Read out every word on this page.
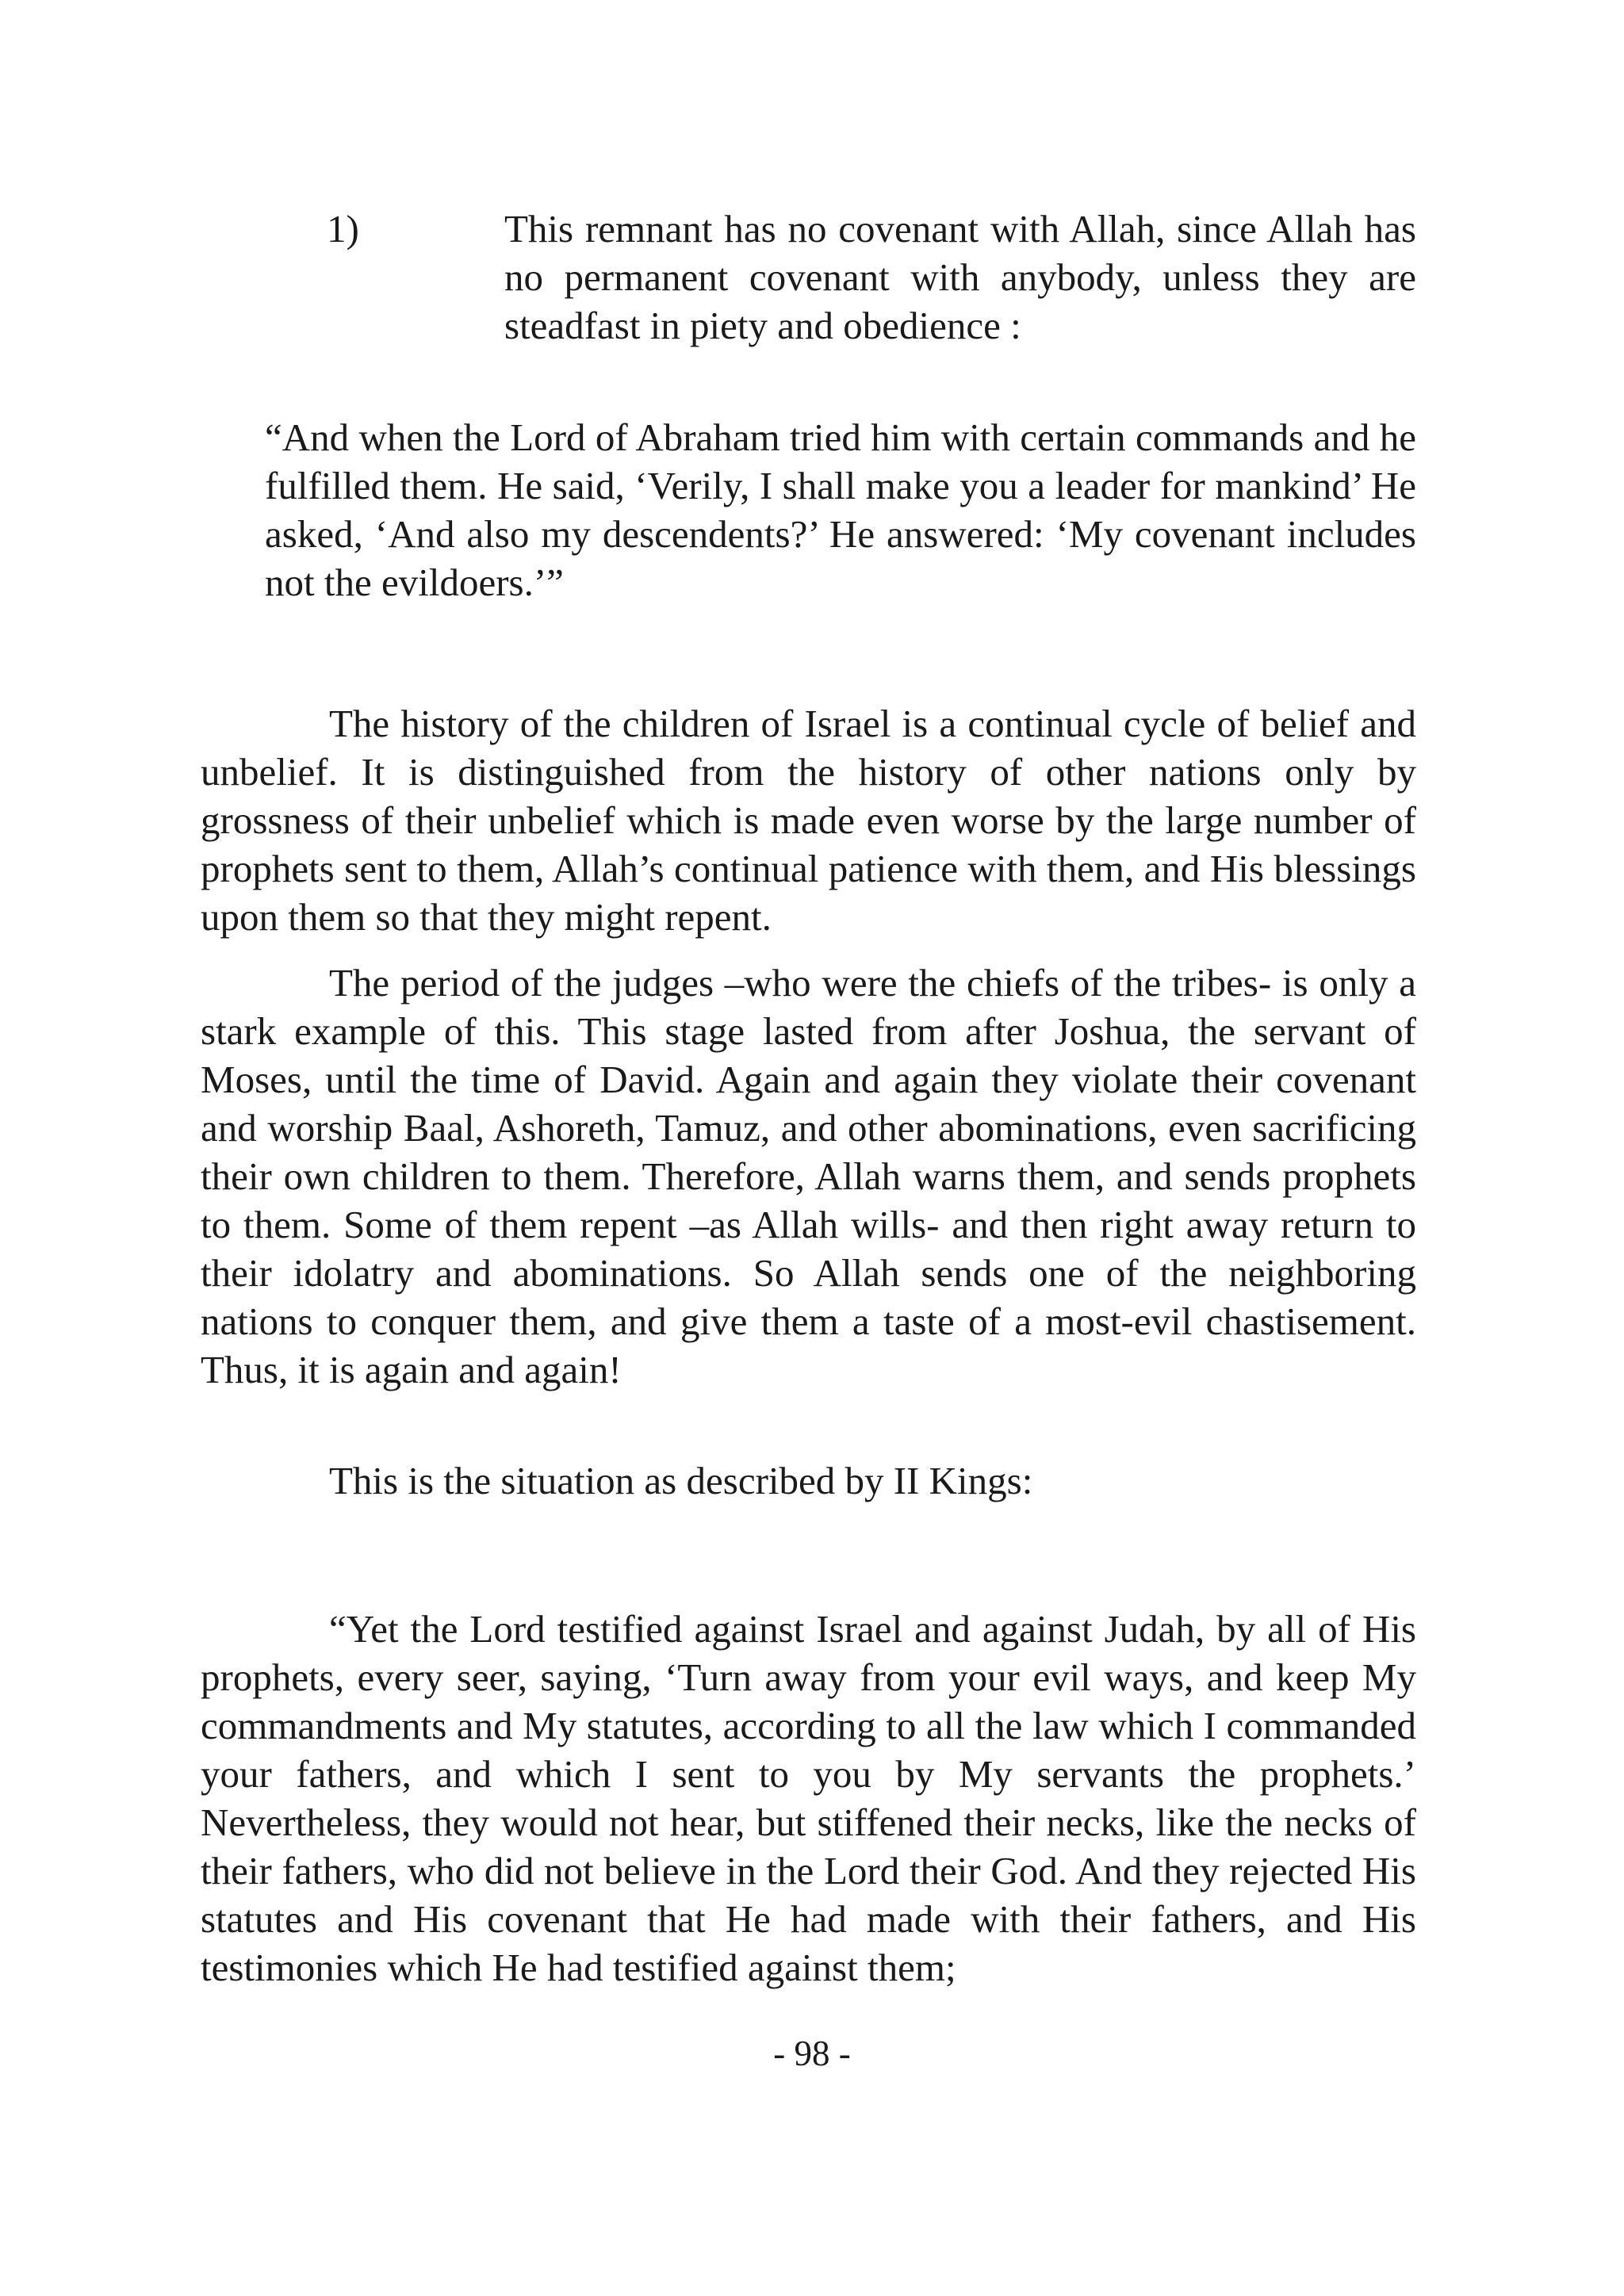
1)	This remnant has no covenant with Allah, since Allah has no permanent covenant with anybody, unless they are steadfast in piety and obedience :

“And when the Lord of Abraham tried him with certain commands and he fulfilled them. He said, ‘Verily, I shall make you a leader for mankind’ He asked, ‘And also my descendents?’ He answered: ‘My covenant includes not the evildoers.’”

The history of the children of Israel is a continual cycle of belief and unbelief. It is distinguished from the history of other nations only by grossness of their unbelief which is made even worse by the large number of prophets sent to them, Allah’s continual patience with them, and His blessings upon them so that they might repent.

The period of the judges –who were the chiefs of the tribes- is only a stark example of this. This stage lasted from after Joshua, the servant of Moses, until the time of David. Again and again they violate their covenant and worship Baal, Ashoreth, Tamuz, and other abominations, even sacrificing their own children to them. Therefore, Allah warns them, and sends prophets to them. Some of them repent –as Allah wills- and then right away return to their idolatry and abominations. So Allah sends one of the neighboring nations to conquer them, and give them a taste of a most-evil chastisement. Thus, it is again and again!

This is the situation as described by II Kings:

“Yet the Lord testified against Israel and against Judah, by all of His prophets, every seer, saying, ‘Turn away from your evil ways, and keep My commandments and My statutes, according to all the law which I commanded your fathers, and which I sent to you by My servants the prophets.’ Nevertheless, they would not hear, but stiffened their necks, like the necks of their fathers, who did not believe in the Lord their God. And they rejected His statutes and His covenant that He had made with their fathers, and His testimonies which He had testified against them;

- 98 -
